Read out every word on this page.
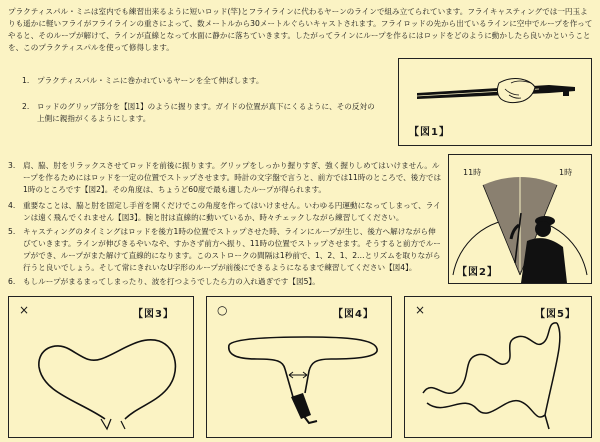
プラクティスパル・ミニは室内でも練習出来るように短いロッド(竿)とフライラインに代わるヤーンのラインで組み立てられています。フライキャスティングでは一円玉よりも遥かに軽いフライがフライラインの重さによって、数メートルから30メートルぐらいキャストされます。フライロッドの先から出ているラインに空中でループを作ってやると、そのループが解けて、ラインが直線となって水面に静かに落ちていきます。したがってラインにループを作るにはロッドをどのように動かしたら良いかということを、このプラクティスパルを使って修得します。
1. プラクティスパル・ミニに巻かれているヤーンを全て伸ばします。
2.	ロッドのグリップ部分を【図1】のように握ります。ガイドの位置が真下にくるように、その反対の上側に親指がくるようにします。
【図1】
3.	肩、脇、肘をリラックスさせてロッドを前後に振ります。グリップをしっかり握りすぎ、強く握りしめてはいけません。ループを作るためにはロッドを一定の位置でストップさせます。時計の文字盤で言うと、前方では11時のところで、後方では1時のところです【図2】。その角度は、ちょうど60度で最も適したループが得られます。
4.	重要なことは、脇と肘を固定し手首を開くだけでこの角度を作ってはいけません。いわゆる円運動になってしまって、ラインは遠く飛んでくれません【図3】。腕と肘は直線的に動いているか、時々チェックしながら練習してください。
5.	キャスティングのタイミングはロッドを後方1時の位置でストップさせた時、ラインにループが生じ、後方へ解けながら伸びていきます。ラインが伸びきるやいなや、すかさず前方へ振り、11時の位置でストップさせます。そうすると前方でループができ、ループがまた解けて直線的になります。このストロークの間隔は1秒前で、1、2、1、2…とリズムを取りながら行うと良いでしょう。そして常にきれいなU字形のループが前後にできるようになるまで練習してください【図4】。
6. もしループがまるまってしまったり、波を打つようでしたら力の入れ過ぎです【図5】。
11時	1時
【図2】
×	【図3】	○	【図4】	×	【図5】
